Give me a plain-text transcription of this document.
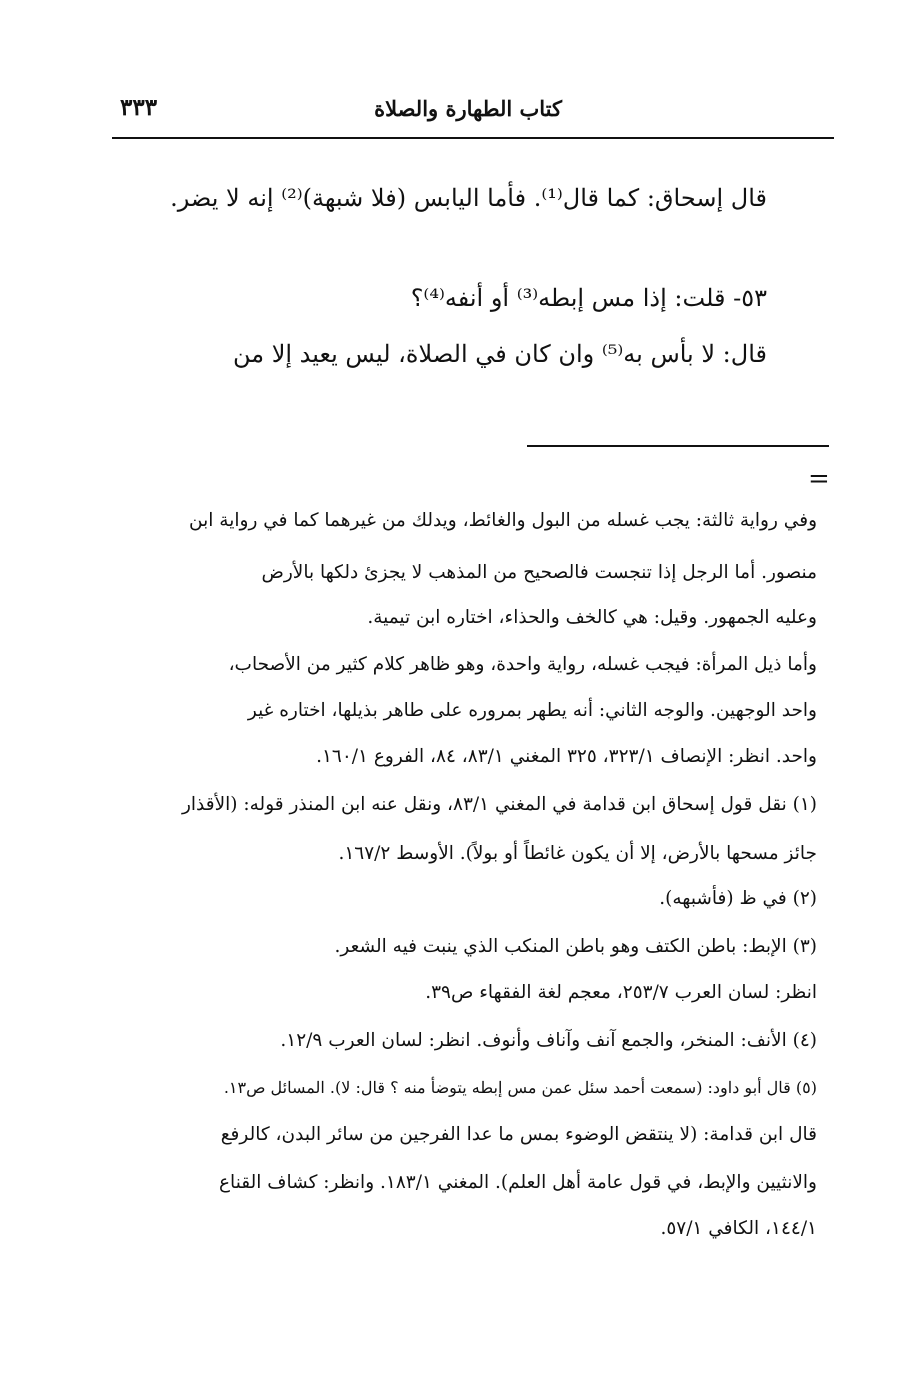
كتاب الطهارة والصلاة
٣٣٣
قال إسحاق: كما قال⁽¹⁾. فأما اليابس (فلا شبهة)⁽²⁾ إنه لا يضر.
٥٣- قلت: إذا مس إبطه⁽³⁾ أو أنفه⁽⁴⁾؟
قال: لا بأس به⁽⁵⁾ وان كان في الصلاة، ليس يعيد إلا من
=
وفي رواية ثالثة: يجب غسله من البول والغائط، ويدلك من غيرهما كما في رواية ابن
منصور. أما الرجل إذا تنجست فالصحيح من المذهب لا يجزئ دلكها بالأرض
وعليه الجمهور. وقيل: هي كالخف والحذاء، اختاره ابن تيمية.
وأما ذيل المرأة: فيجب غسله، رواية واحدة، وهو ظاهر كلام كثير من الأصحاب،
واحد الوجهين. والوجه الثاني: أنه يطهر بمروره على طاهر بذيلها، اختاره غير
واحد. انظر: الإنصاف ٣٢٣/١، ٣٢٥ المغني ٨٣/١، ٨٤، الفروع ١٦٠/١.
(١) نقل قول إسحاق ابن قدامة في المغني ٨٣/١، ونقل عنه ابن المنذر قوله: (الأقذار
جائز مسحها بالأرض، إلا أن يكون غائطاً أو بولاً). الأوسط ١٦٧/٢.
(٢) في ظ (فأشبهه).
(٣) الإبط: باطن الكتف وهو باطن المنكب الذي ينبت فيه الشعر.
انظر: لسان العرب ٢٥٣/٧، معجم لغة الفقهاء ص٣٩.
(٤) الأنف: المنخر، والجمع آنف وآناف وأنوف. انظر: لسان العرب ١٢/٩.
(٥) قال أبو داود: (سمعت أحمد سئل عمن مس إبطه يتوضأ منه ؟ قال: لا). المسائل ص١٣.
قال ابن قدامة: (لا ينتقض الوضوء بمس ما عدا الفرجين من سائر البدن، كالرفع
والانثيين والإبط، في قول عامة أهل العلم). المغني ١٨٣/١. وانظر: كشاف القناع
١٤٤/١، الكافي ٥٧/١.
